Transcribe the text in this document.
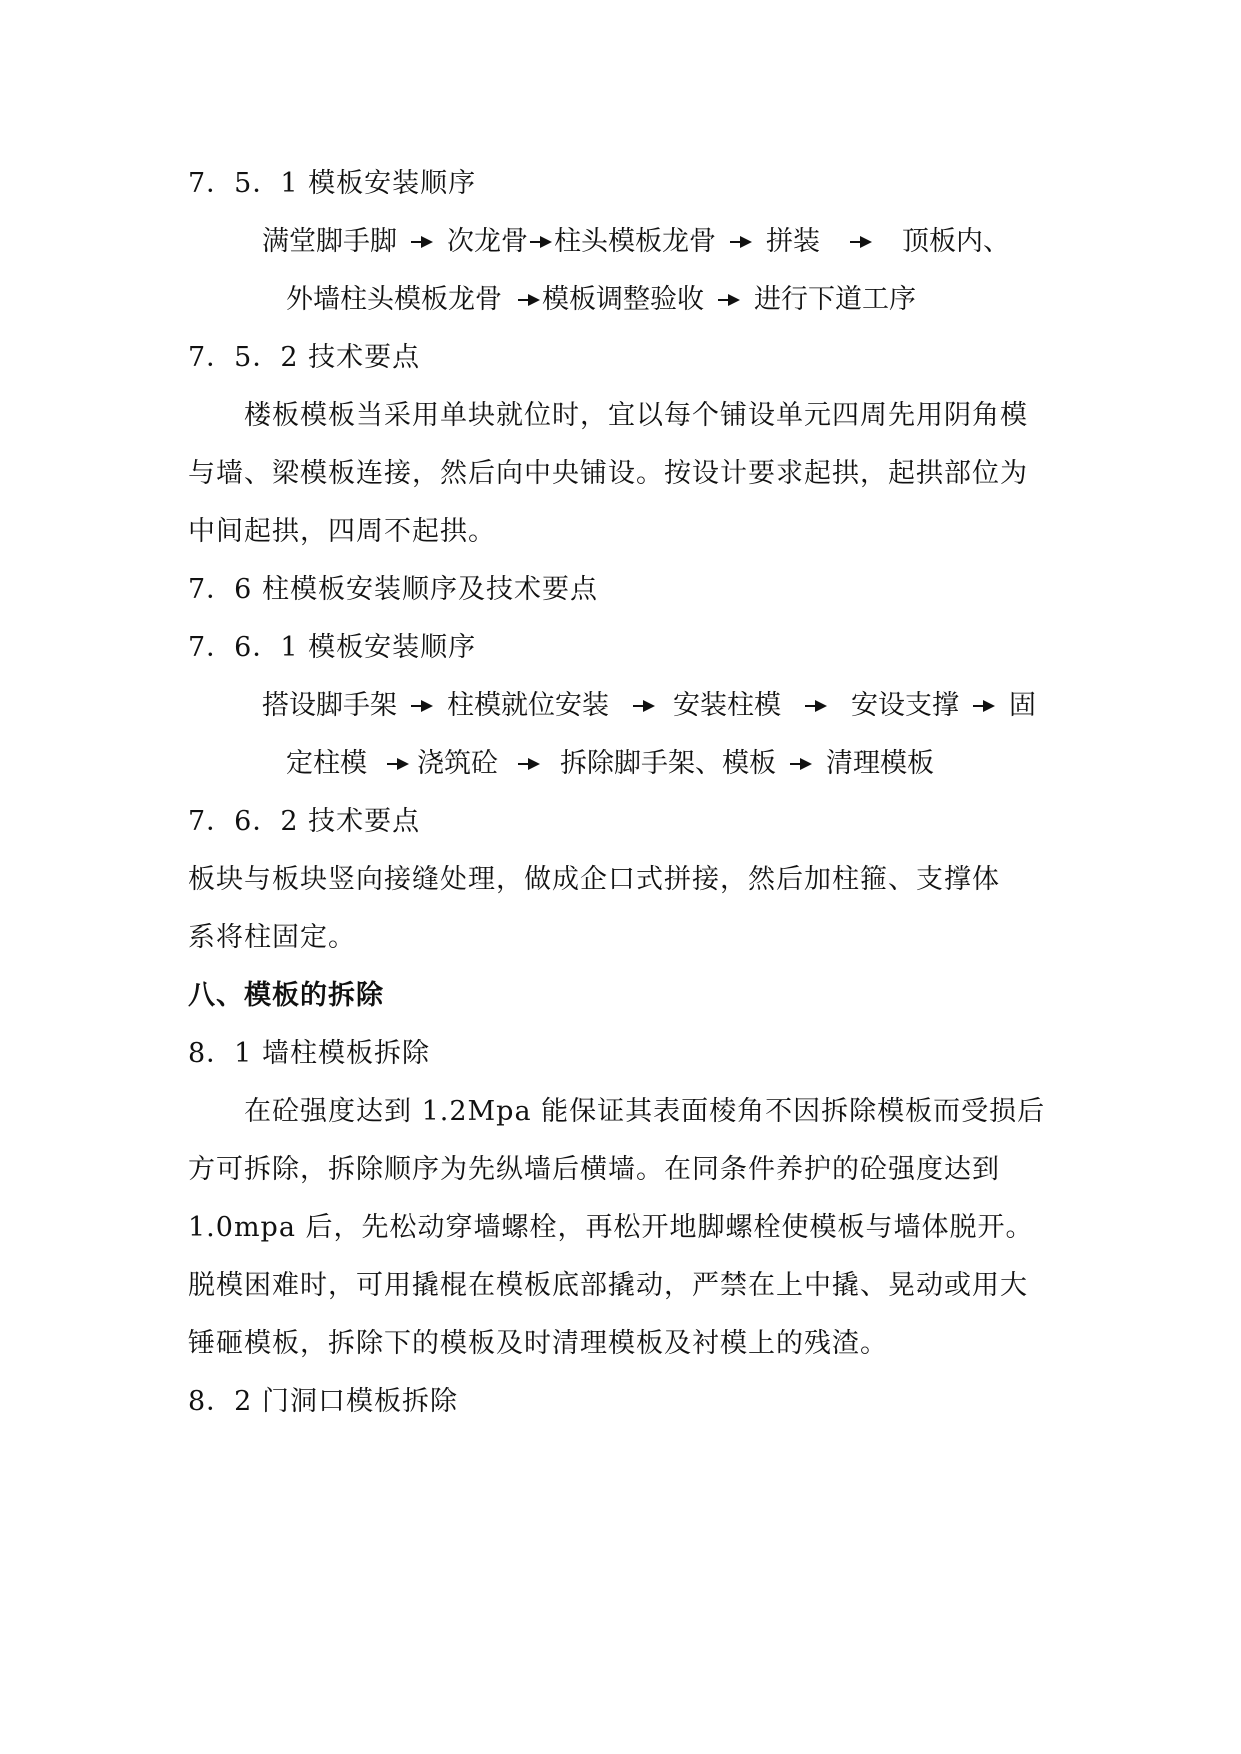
7．5．1 模板安装顺序
满堂脚手脚 次龙骨 柱头模板龙骨 拼装	顶板内、
外墙柱头模板龙骨 模板调整验收 进行下道工序
7．5．2 技术要点
楼板模板当采用单块就位时，宜以每个铺设单元四周先用阴角模
与墙、梁模板连接，然后向中央铺设。按设计要求起拱，起拱部位为
中间起拱，四周不起拱。
7．6 柱模板安装顺序及技术要点
7．6．1 模板安装顺序
搭设脚手架 柱模就位安装 安装柱模	安设支撑 固
定柱模 浇筑砼 拆除脚手架、模板 清理模板
7．6．2 技术要点
板块与板块竖向接缝处理，做成企口式拼接，然后加柱箍、支撑体
系将柱固定。
八、模板的拆除
8．1 墙柱模板拆除
在砼强度达到 1.2Mpa 能保证其表面棱角不因拆除模板而受损后
方可拆除，拆除顺序为先纵墙后横墙。在同条件养护的砼强度达到
1.0mpa 后，先松动穿墙螺栓，再松开地脚螺栓使模板与墙体脱开。
脱模困难时，可用撬棍在模板底部撬动，严禁在上中撬、晃动或用大
锤砸模板，拆除下的模板及时清理模板及衬模上的残渣。
8．2 门洞口模板拆除
